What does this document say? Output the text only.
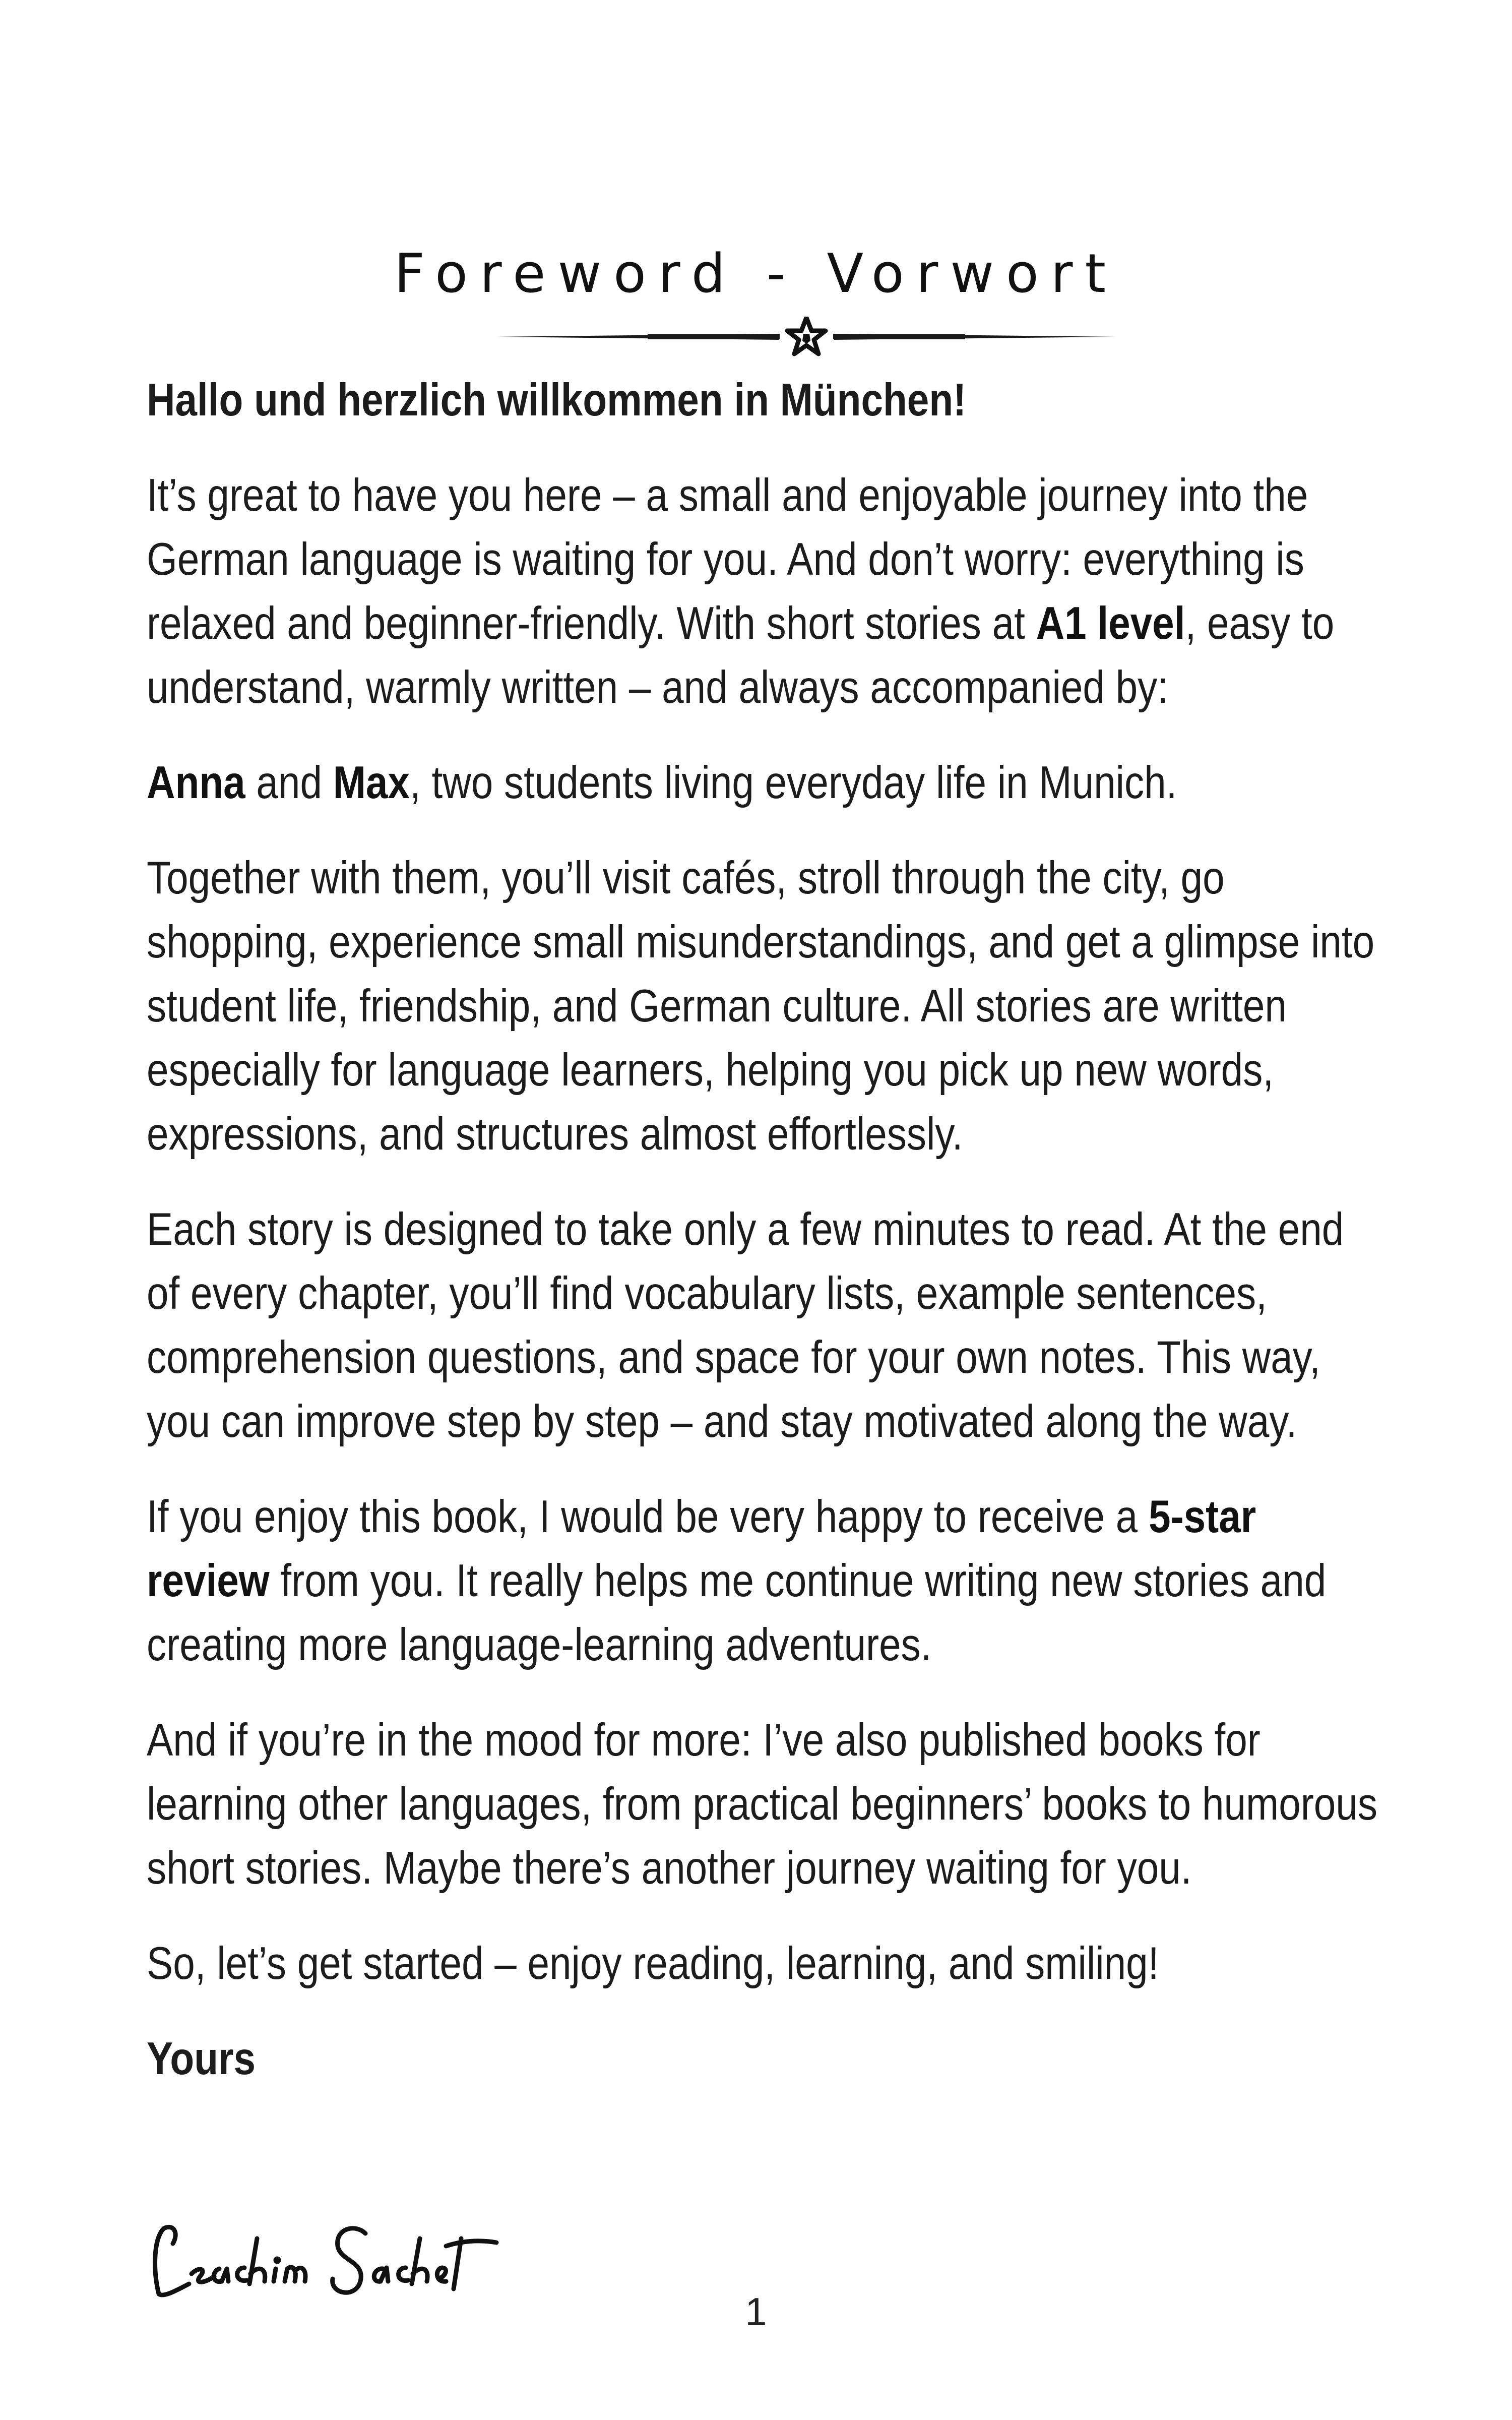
Foreword - Vorwort

Hallo und herzlich willkommen in München!

It’s great to have you here – a small and enjoyable journey into the German language is waiting for you. And don’t worry: everything is relaxed and beginner-friendly. With short stories at A1 level, easy to understand, warmly written – and always accompanied by:

Anna and Max, two students living everyday life in Munich.

Together with them, you’ll visit cafés, stroll through the city, go shopping, experience small misunderstandings, and get a glimpse into student life, friendship, and German culture. All stories are written especially for language learners, helping you pick up new words, expressions, and structures almost effortlessly.

Each story is designed to take only a few minutes to read. At the end of every chapter, you’ll find vocabulary lists, example sentences, comprehension questions, and space for your own notes. This way, you can improve step by step – and stay motivated along the way.

If you enjoy this book, I would be very happy to receive a 5-star review from you. It really helps me continue writing new stories and creating more language-learning adventures.

And if you’re in the mood for more: I’ve also published books for learning other languages, from practical beginners’ books to humorous short stories. Maybe there’s another journey waiting for you.

So, let’s get started – enjoy reading, learning, and smiling!

Yours

1
